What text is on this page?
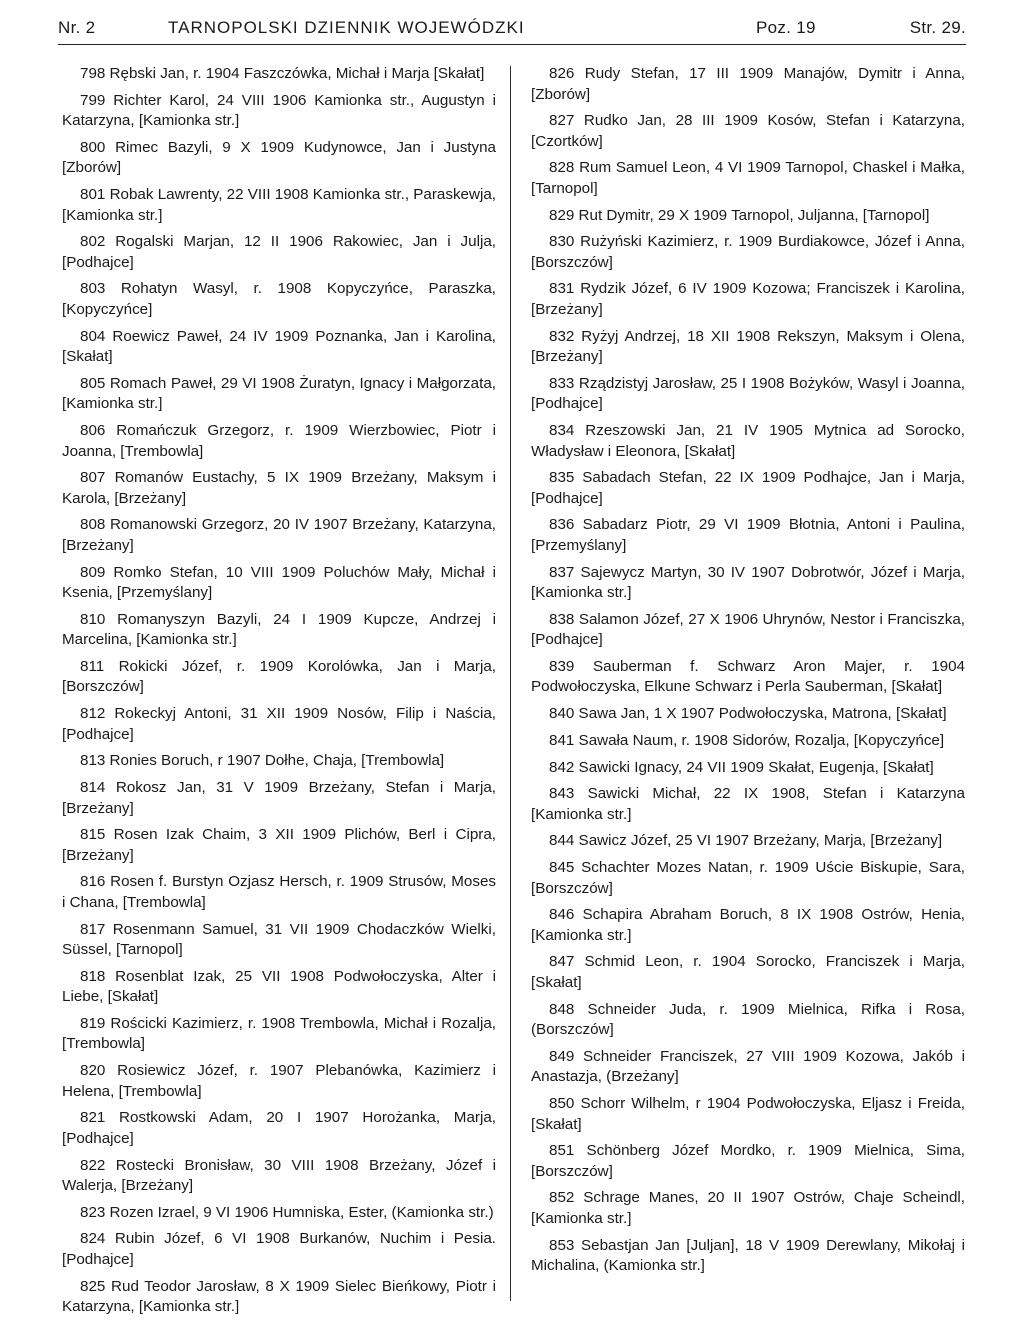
Nr. 2	TARNOPOLSKI DZIENNIK WOJEWÓDZKI	Poz. 19	Str. 29.

798 Rębski Jan, r. 1904 Faszczówka, Michał i Marja [Skałat]

799 Richter Karol, 24 VIII 1906 Kamionka str., Augustyn i Katarzyna, [Kamionka str.]

800 Rimec Bazyli, 9 X 1909 Kudynowce, Jan i Justyna [Zborów]

801 Robak Lawrenty, 22 VIII 1908 Kamionka str., Paraskewja, [Kamionka str.]

802 Rogalski Marjan, 12 II 1906 Rakowiec, Jan i Julja, [Podhajce]

803 Rohatyn Wasyl, r. 1908 Kopyczyńce, Paraszka, [Kopyczyńce]

804 Roewicz Paweł, 24 IV 1909 Poznanka, Jan i Karolina, [Skałat]

805 Romach Paweł, 29 VI 1908 Żuratyn, Ignacy i Małgorzata, [Kamionka str.]

806 Romańczuk Grzegorz, r. 1909 Wierzbowiec, Piotr i Joanna, [Trembowla]

807 Romanów Eustachy, 5 IX 1909 Brzeżany, Maksym i Karola, [Brzeżany]

808 Romanowski Grzegorz, 20 IV 1907 Brzeżany, Katarzyna, [Brzeżany]

809 Romko Stefan, 10 VIII 1909 Poluchów Mały, Michał i Ksenia, [Przemyślany]

810 Romanyszyn Bazyli, 24 I 1909 Kupcze, Andrzej i Marcelina, [Kamionka str.]

811 Rokicki Józef, r. 1909 Korolówka, Jan i Marja, [Borszczów]

812 Rokeckyj Antoni, 31 XII 1909 Nosów, Filip i Naścia, [Podhajce]

813 Ronies Boruch, r 1907 Dołhe, Chaja, [Trembowla]

814 Rokosz Jan, 31 V 1909 Brzeżany, Stefan i Marja, [Brzeżany]

815 Rosen Izak Chaim, 3 XII 1909 Plichów, Berl i Cipra, [Brzeżany]

816 Rosen f. Burstyn Ozjasz Hersch, r. 1909 Strusów, Moses i Chana, [Trembowla]

817 Rosenmann Samuel, 31 VII 1909 Chodaczków Wielki, Süssel, [Tarnopol]

818 Rosenblat Izak, 25 VII 1908 Podwołoczyska, Alter i Liebe, [Skałat]

819 Rościcki Kazimierz, r. 1908 Trembowla, Michał i Rozalja, [Trembowla]

820 Rosiewicz Józef, r. 1907 Plebanówka, Kazimierz i Helena, [Trembowla]

821 Rostkowski Adam, 20 I 1907 Horożanka, Marja, [Podhajce]

822 Rostecki Bronisław, 30 VIII 1908 Brzeżany, Józef i Walerja, [Brzeżany]

823 Rozen Izrael, 9 VI 1906 Humniska, Ester, (Kamionka str.)

824 Rubin Józef, 6 VI 1908 Burkanów, Nuchim i Pesia. [Podhajce]

825 Rud Teodor Jarosław, 8 X 1909 Sielec Bieńkowy, Piotr i Katarzyna, [Kamionka str.]

826 Rudy Stefan, 17 III 1909 Manajów, Dymitr i Anna, [Zborów]

827 Rudko Jan, 28 III 1909 Kosów, Stefan i Katarzyna, [Czortków]

828 Rum Samuel Leon, 4 VI 1909 Tarnopol, Chaskel i Małka, [Tarnopol]

829 Rut Dymitr, 29 X 1909 Tarnopol, Juljanna, [Tarnopol]

830 Rużyński Kazimierz, r. 1909 Burdiakowce, Józef i Anna, [Borszczów]

831 Rydzik Józef, 6 IV 1909 Kozowa; Franciszek i Karolina, [Brzeżany]

832 Ryżyj Andrzej, 18 XII 1908 Rekszyn, Maksym i Olena,[Brzeżany]

833 Rządzistyj Jarosław, 25 I 1908 Bożyków, Wasyl i Joanna, [Podhajce]

834 Rzeszowski Jan, 21 IV 1905 Mytnica ad Sorocko, Władysław i Eleonora, [Skałat]

835 Sabadach Stefan, 22 IX 1909 Podhajce, Jan i Marja, [Podhajce]

836 Sabadarz Piotr, 29 VI 1909 Błotnia, Antoni i Paulina, [Przemyślany]

837 Sajewycz Martyn, 30 IV 1907 Dobrotwór, Józef i Marja, [Kamionka str.]

838 Salamon Józef, 27 X 1906 Uhrynów, Nestor i Franciszka, [Podhajce]

839 Sauberman f. Schwarz Aron Majer, r. 1904 Podwołoczyska, Elkune Schwarz i Perla Sauberman, [Skałat]

840 Sawa Jan, 1 X 1907 Podwołoczyska, Matrona, [Skałat]

841 Sawała Naum, r. 1908 Sidorów, Rozalja, [Kopyczyńce]

842 Sawicki Ignacy, 24 VII 1909 Skałat, Eugenja, [Skałat]

843 Sawicki Michał, 22 IX 1908, Stefan i Katarzyna [Kamionka str.]

844 Sawicz Józef, 25 VI 1907 Brzeżany, Marja, [Brzeżany]

845 Schachter Mozes Natan, r. 1909 Uście Biskupie, Sara, [Borszczów]

846 Schapira Abraham Boruch, 8 IX 1908 Ostrów, Henia, [Kamionka str.]

847 Schmid Leon, r. 1904 Sorocko, Franciszek i Marja, [Skałat]

848 Schneider Juda, r. 1909 Mielnica, Rifka i Rosa, (Borszczów]

849 Schneider Franciszek, 27 VIII 1909 Kozowa, Jakób i Anastazja, (Brzeżany]

850 Schorr Wilhelm, r 1904 Podwołoczyska, Eljasz i Freida, [Skałat]

851 Schönberg Józef Mordko, r. 1909 Mielnica, Sima, [Borszczów]

852 Schrage Manes, 20 II 1907 Ostrów, Chaje Scheindl, [Kamionka str.]

853 Sebastjan Jan [Juljan], 18 V 1909 Derewlany, Mikołaj i Michalina, (Kamionka str.]
